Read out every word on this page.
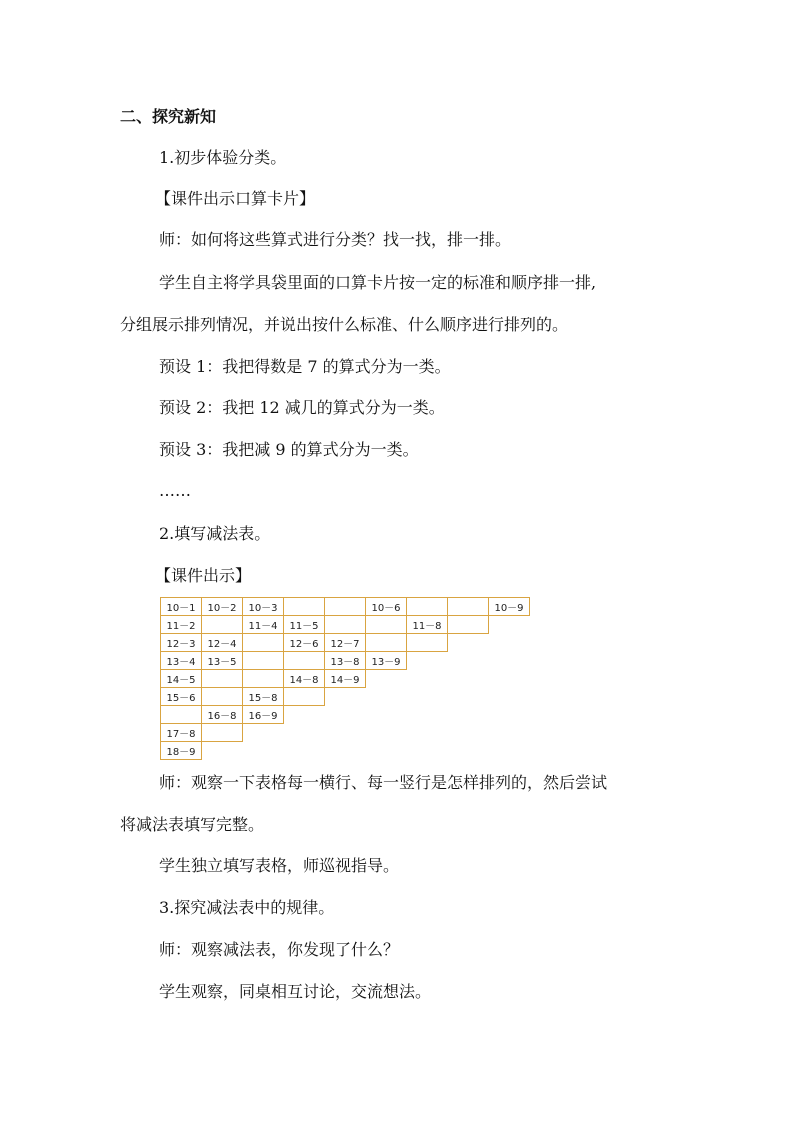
二、探究新知
1.初步体验分类。
【课件出示口算卡片】
师：如何将这些算式进行分类？找一找，排一排。
学生自主将学具袋里面的口算卡片按一定的标准和顺序排一排,
分组展示排列情况，并说出按什么标准、什么顺序进行排列的。
预设 1：我把得数是 7 的算式分为一类。
预设 2：我把 12 减几的算式分为一类。
预设 3：我把减 9 的算式分为一类。
……
2.填写减法表。
【课件出示】
10－1	10－2	10－3			10－6			10－9
11－2		11－4	11－5			11－8		
12－3	12－4		12－6	12－7				
13－4	13－5			13－8	13－9			
14－5			14－8	14－9				
15－6		15－8						
	16－8	16－9						
17－8								
18－9								
师：观察一下表格每一横行、每一竖行是怎样排列的，然后尝试
将减法表填写完整。
学生独立填写表格，师巡视指导。
3.探究减法表中的规律。
师：观察减法表，你发现了什么？
学生观察，同桌相互讨论，交流想法。
